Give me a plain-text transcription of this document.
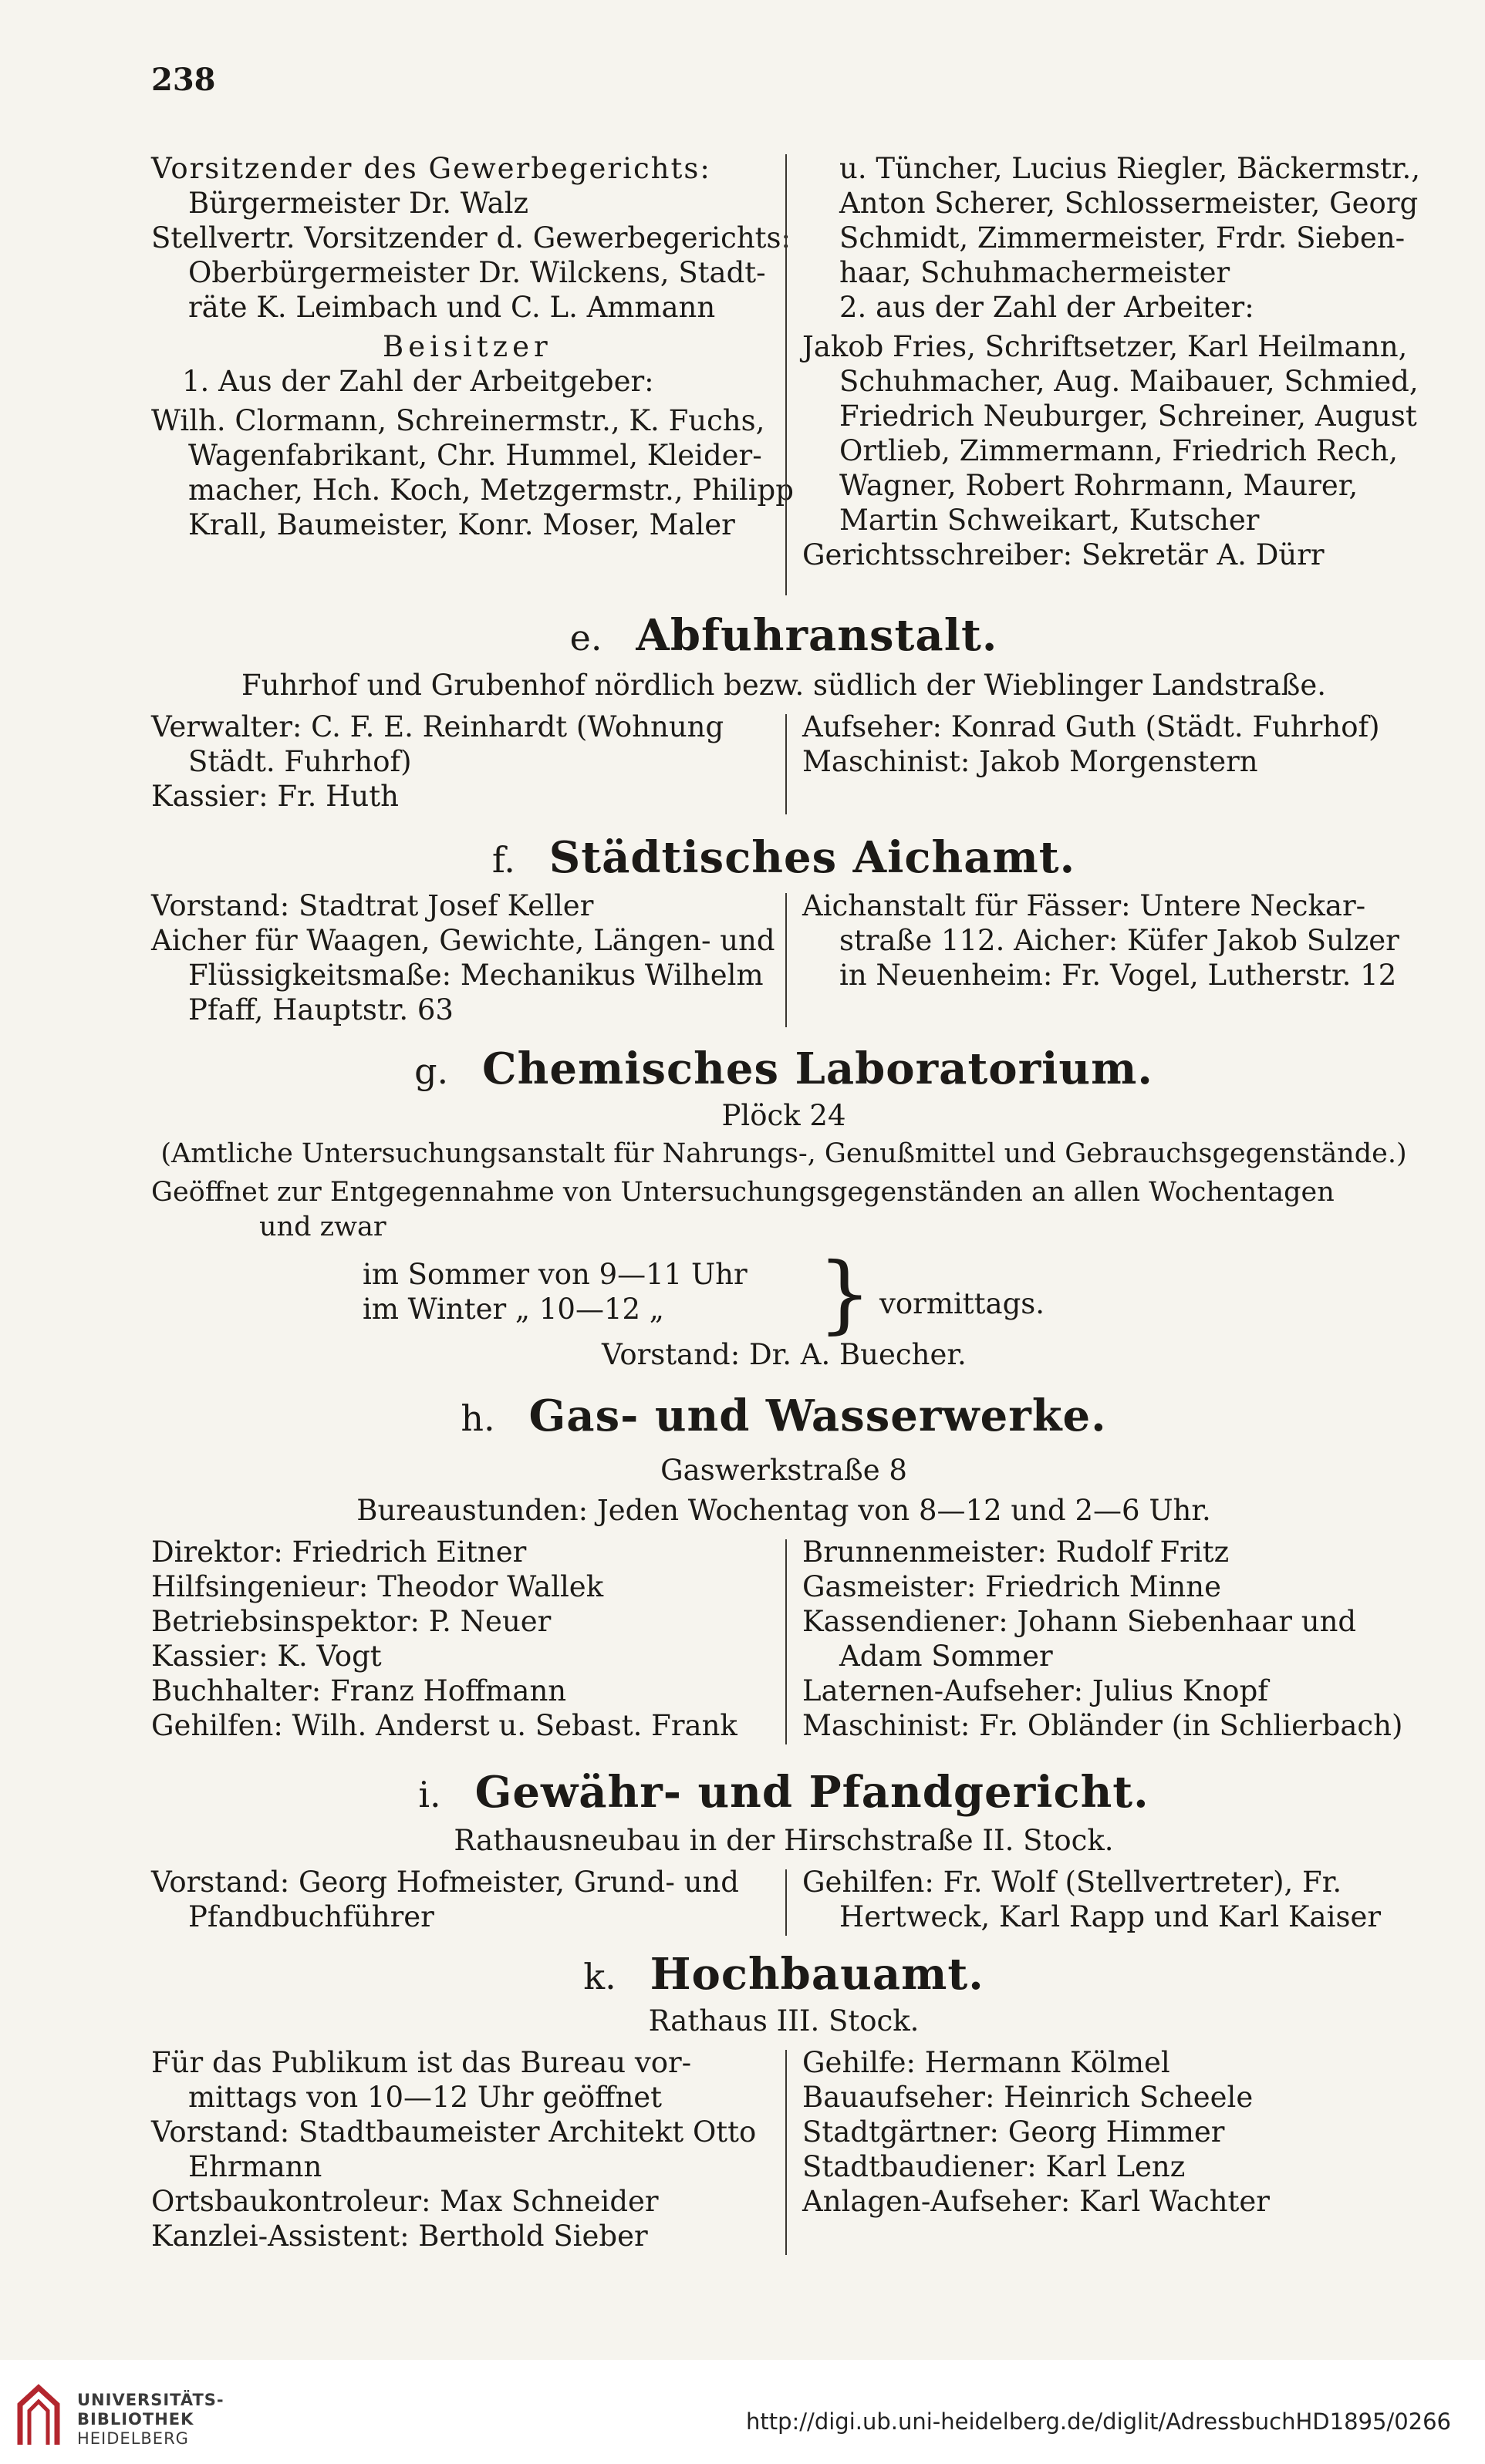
238
Vorsitzender des Gewerbegerichts:
Bürgermeister Dr. Walz
Stellvertr. Vorsitzender d. Gewerbegerichts:
Oberbürgermeister Dr. Wilckens, Stadt-
räte K. Leimbach und C. L. Ammann
Beisitzer
1. Aus der Zahl der Arbeitgeber:
Wilh. Clormann, Schreinermstr., K. Fuchs,
Wagenfabrikant, Chr. Hummel, Kleider-
macher, Hch. Koch, Metzgermstr., Philipp
Krall, Baumeister, Konr. Moser, Maler
u. Tüncher, Lucius Riegler, Bäckermstr.,
Anton Scherer, Schlossermeister, Georg
Schmidt, Zimmermeister, Frdr. Sieben-
haar, Schuhmachermeister
2. aus der Zahl der Arbeiter:
Jakob Fries, Schriftsetzer, Karl Heilmann,
Schuhmacher, Aug. Maibauer, Schmied,
Friedrich Neuburger, Schreiner, August
Ortlieb, Zimmermann, Friedrich Rech,
Wagner, Robert Rohrmann, Maurer,
Martin Schweikart, Kutscher
Gerichtsschreiber: Sekretär A. Dürr
e. Abfuhranstalt.
Fuhrhof und Grubenhof nördlich bezw. südlich der Wieblinger Landstraße.
Verwalter: C. F. E. Reinhardt (Wohnung
Städt. Fuhrhof)
Kassier: Fr. Huth
Aufseher: Konrad Guth (Städt. Fuhrhof)
Maschinist: Jakob Morgenstern
f. Städtisches Aichamt.
Vorstand: Stadtrat Josef Keller
Aicher für Waagen, Gewichte, Längen- und
Flüssigkeitsmaße: Mechanikus Wilhelm
Pfaff, Hauptstr. 63
Aichanstalt für Fässer: Untere Neckar-
straße 112. Aicher: Küfer Jakob Sulzer
in Neuenheim: Fr. Vogel, Lutherstr. 12
g. Chemisches Laboratorium.
Plöck 24
(Amtliche Untersuchungsanstalt für Nahrungs-, Genußmittel und Gebrauchsgegenstände.)
Geöffnet zur Entgegennahme von Untersuchungsgegenständen an allen Wochentagen
und zwar
im Sommer von 9—11 Uhr
im Winter „ 10—12 „	} vormittags.
Vorstand: Dr. A. Buecher.
h. Gas- und Wasserwerke.
Gaswerkstraße 8
Bureaustunden: Jeden Wochentag von 8—12 und 2—6 Uhr.
Direktor: Friedrich Eitner
Hilfsingenieur: Theodor Wallek
Betriebsinspektor: P. Neuer
Kassier: K. Vogt
Buchhalter: Franz Hoffmann
Gehilfen: Wilh. Anderst u. Sebast. Frank
Brunnenmeister: Rudolf Fritz
Gasmeister: Friedrich Minne
Kassendiener: Johann Siebenhaar und
Adam Sommer
Laternen-Aufseher: Julius Knopf
Maschinist: Fr. Obländer (in Schlierbach)
i. Gewähr- und Pfandgericht.
Rathausneubau in der Hirschstraße II. Stock.
Vorstand: Georg Hofmeister, Grund- und
Pfandbuchführer
Gehilfen: Fr. Wolf (Stellvertreter), Fr.
Hertweck, Karl Rapp und Karl Kaiser
k. Hochbauamt.
Rathaus III. Stock.
Für das Publikum ist das Bureau vor-
mittags von 10—12 Uhr geöffnet
Vorstand: Stadtbaumeister Architekt Otto
Ehrmann
Ortsbaukontroleur: Max Schneider
Kanzlei-Assistent: Berthold Sieber
Gehilfe: Hermann Kölmel
Bauaufseher: Heinrich Scheele
Stadtgärtner: Georg Himmer
Stadtbaudiener: Karl Lenz
Anlagen-Aufseher: Karl Wachter
UNIVERSITÄTS-
BIBLIOTHEK
HEIDELBERG
http://digi.ub.uni-heidelberg.de/diglit/AdressbuchHD1895/0266
